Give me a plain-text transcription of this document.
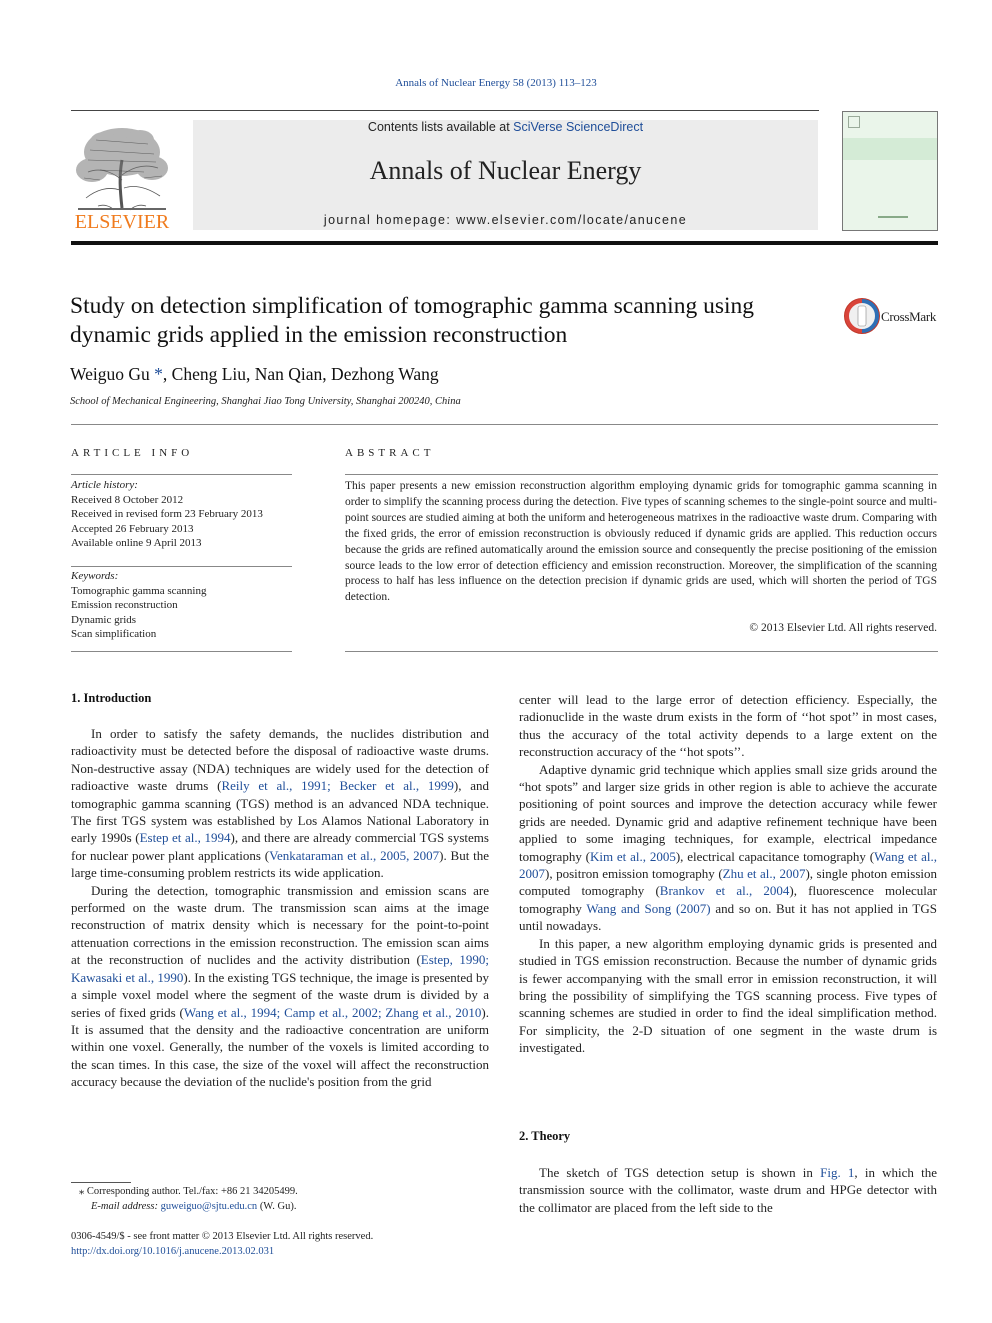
Annals of Nuclear Energy 58 (2013) 113–123
ELSEVIER
Contents lists available at SciVerse ScienceDirect
Annals of Nuclear Energy
journal homepage: www.elsevier.com/locate/anucene
Study on detection simplification of tomographic gamma scanning using
dynamic grids applied in the emission reconstruction
CrossMark
Weiguo Gu *, Cheng Liu, Nan Qian, Dezhong Wang
School of Mechanical Engineering, Shanghai Jiao Tong University, Shanghai 200240, China
ARTICLE INFO
Article history:
Received 8 October 2012
Received in revised form 23 February 2013
Accepted 26 February 2013
Available online 9 April 2013
Keywords:
Tomographic gamma scanning
Emission reconstruction
Dynamic grids
Scan simplification
ABSTRACT
This paper presents a new emission reconstruction algorithm employing dynamic grids for tomographic gamma scanning in order to simplify the scanning process during the detection. Five types of scanning schemes to the single-point source and multi-point sources are studied aiming at both the uniform and heterogeneous matrixes in the radioactive waste drum. Comparing with the fixed grids, the error of emission reconstruction is obviously reduced if dynamic grids are applied. This reduction occurs because the grids are refined automatically around the emission source and consequently the precise positioning of the emission source leads to the low error of detection efficiency and emission reconstruction. Moreover, the simplification of the scanning process to half has less influence on the detection precision if dynamic grids are used, which will shorten the period of TGS detection.
© 2013 Elsevier Ltd. All rights reserved.
1. Introduction

In order to satisfy the safety demands, the nuclides distribution and radioactivity must be detected before the disposal of radioactive waste drums. Non-destructive assay (NDA) techniques are widely used for the detection of radioactive waste drums (Reily et al., 1991; Becker et al., 1999), and tomographic gamma scanning (TGS) method is an advanced NDA technique. The first TGS system was established by Los Alamos National Laboratory in early 1990s (Estep et al., 1994), and there are already commercial TGS systems for nuclear power plant applications (Venkataraman et al., 2005, 2007). But the large time-consuming problem restricts its wide application.

During the detection, tomographic transmission and emission scans are performed on the waste drum. The transmission scan aims at the image reconstruction of matrix density which is necessary for the point-to-point attenuation corrections in the emission reconstruction. The emission scan aims at the reconstruction of nuclides and the activity distribution (Estep, 1990; Kawasaki et al., 1990). In the existing TGS technique, the image is presented by a simple voxel model where the segment of the waste drum is divided by a series of fixed grids (Wang et al., 1994; Camp et al., 2002; Zhang et al., 2010). It is assumed that the density and the radioactive concentration are uniform within one voxel. Generally, the number of the voxels is limited according to the scan times. In this case, the size of the voxel will affect the reconstruction accuracy because the deviation of the nuclide's position from the grid

center will lead to the large error of detection efficiency. Especially, the radionuclide in the waste drum exists in the form of ‘‘hot spot’’ in most cases, thus the accuracy of the total activity depends to a large extent on the reconstruction accuracy of the ‘‘hot spots’’.

Adaptive dynamic grid technique which applies small size grids around the “hot spots” and larger size grids in other region is able to achieve the accurate positioning of point sources and improve the detection accuracy while fewer grids are needed. Dynamic grid and adaptive refinement technique have been applied to some imaging techniques, for example, electrical impedance tomography (Kim et al., 2005), electrical capacitance tomography (Wang et al., 2007), positron emission tomography (Zhu et al., 2007), single photon emission computed tomography (Brankov et al., 2004), fluorescence molecular tomography Wang and Song (2007) and so on. But it has not applied in TGS until nowadays.

In this paper, a new algorithm employing dynamic grids is presented and studied in TGS emission reconstruction. Because the number of dynamic grids is fewer accompanying with the small error in emission reconstruction, it will bring the possibility of simplifying the TGS scanning process. Five types of scanning schemes are studied in order to find the ideal simplification method. For simplicity, the 2-D situation of one segment in the waste drum is investigated.

2. Theory

The sketch of TGS detection setup is shown in Fig. 1, in which the transmission source with the collimator, waste drum and HPGe detector with the collimator are placed from the left side to the

⁎ Corresponding author. Tel./fax: +86 21 34205499.
E-mail address: guweiguo@sjtu.edu.cn (W. Gu).
0306-4549/$ - see front matter © 2013 Elsevier Ltd. All rights reserved.
http://dx.doi.org/10.1016/j.anucene.2013.02.031
